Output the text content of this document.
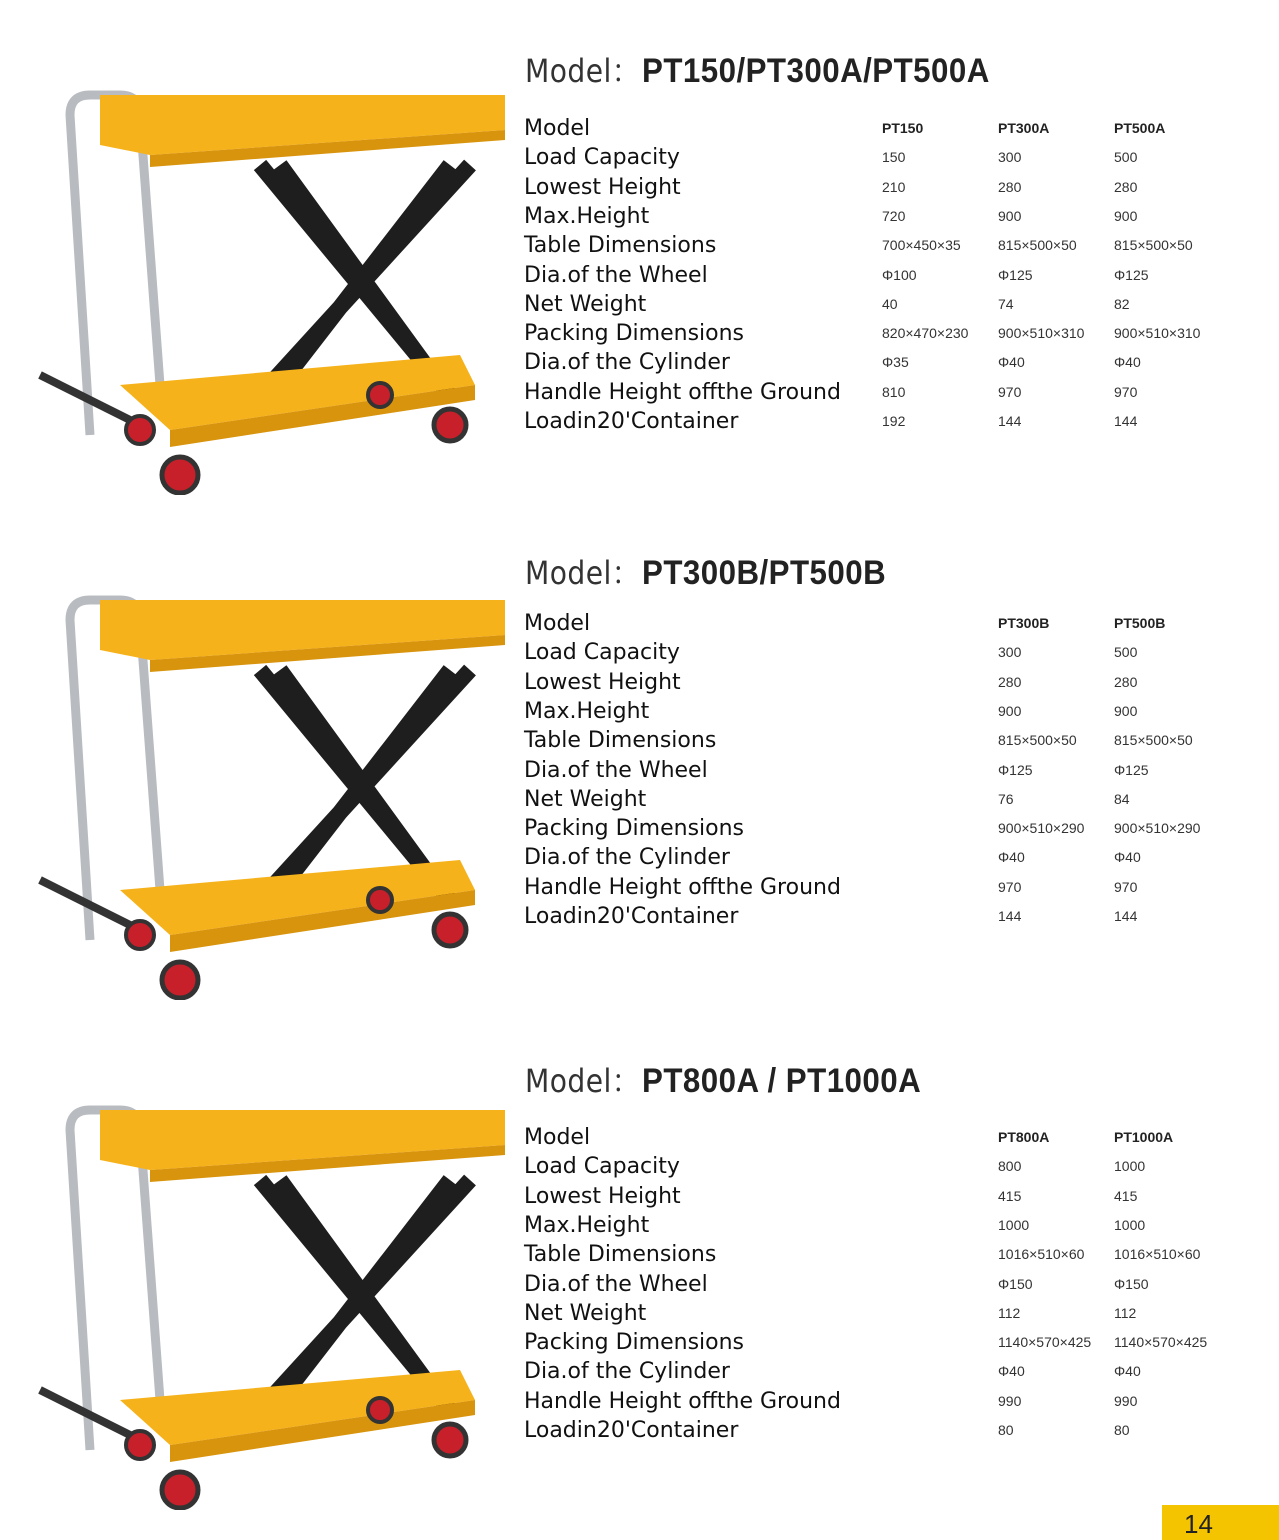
Model：PT150/PT300A/PT500A
Model	PT150	PT300A	PT500A
Load Capacity	150	300	500
Lowest Height	210	280	280
Max.Height	720	900	900
Table Dimensions	700×450×35	815×500×50	815×500×50
Dia.of the Wheel	Φ100	Φ125	Φ125
Net Weight	40	74	82
Packing Dimensions	820×470×230 900×510×310 900×510×310
Dia.of the Cylinder	Φ35	Φ40	Φ40
Handle Height offthe Ground	810	970	970
Loadin20'Container	192	144	144
Model：PT300B/PT500B
Model	PT300B	PT500B
Load Capacity	300	500
Lowest Height	280	280
Max.Height	900	900
Table Dimensions	815×500×50	815×500×50
Dia.of the Wheel	Φ125	Φ125
Net Weight	76	84
Packing Dimensions	900×510×290 900×510×290
Dia.of the Cylinder	Φ40	Φ40
Handle Height offthe Ground	970	970
Loadin20'Container	144	144
Model：PT800A / PT1000A
Model	PT800A	PT1000A
Load Capacity	800	1000
Lowest Height	415	415
Max.Height	1000	1000
Table Dimensions	1016×510×60 1016×510×60
Dia.of the Wheel	Φ150	Φ150
Net Weight	112	112
Packing Dimensions	1140×570×425 1140×570×425
Dia.of the Cylinder	Φ40	Φ40
Handle Height offthe Ground	990	990
Loadin20'Container	80	80
14
